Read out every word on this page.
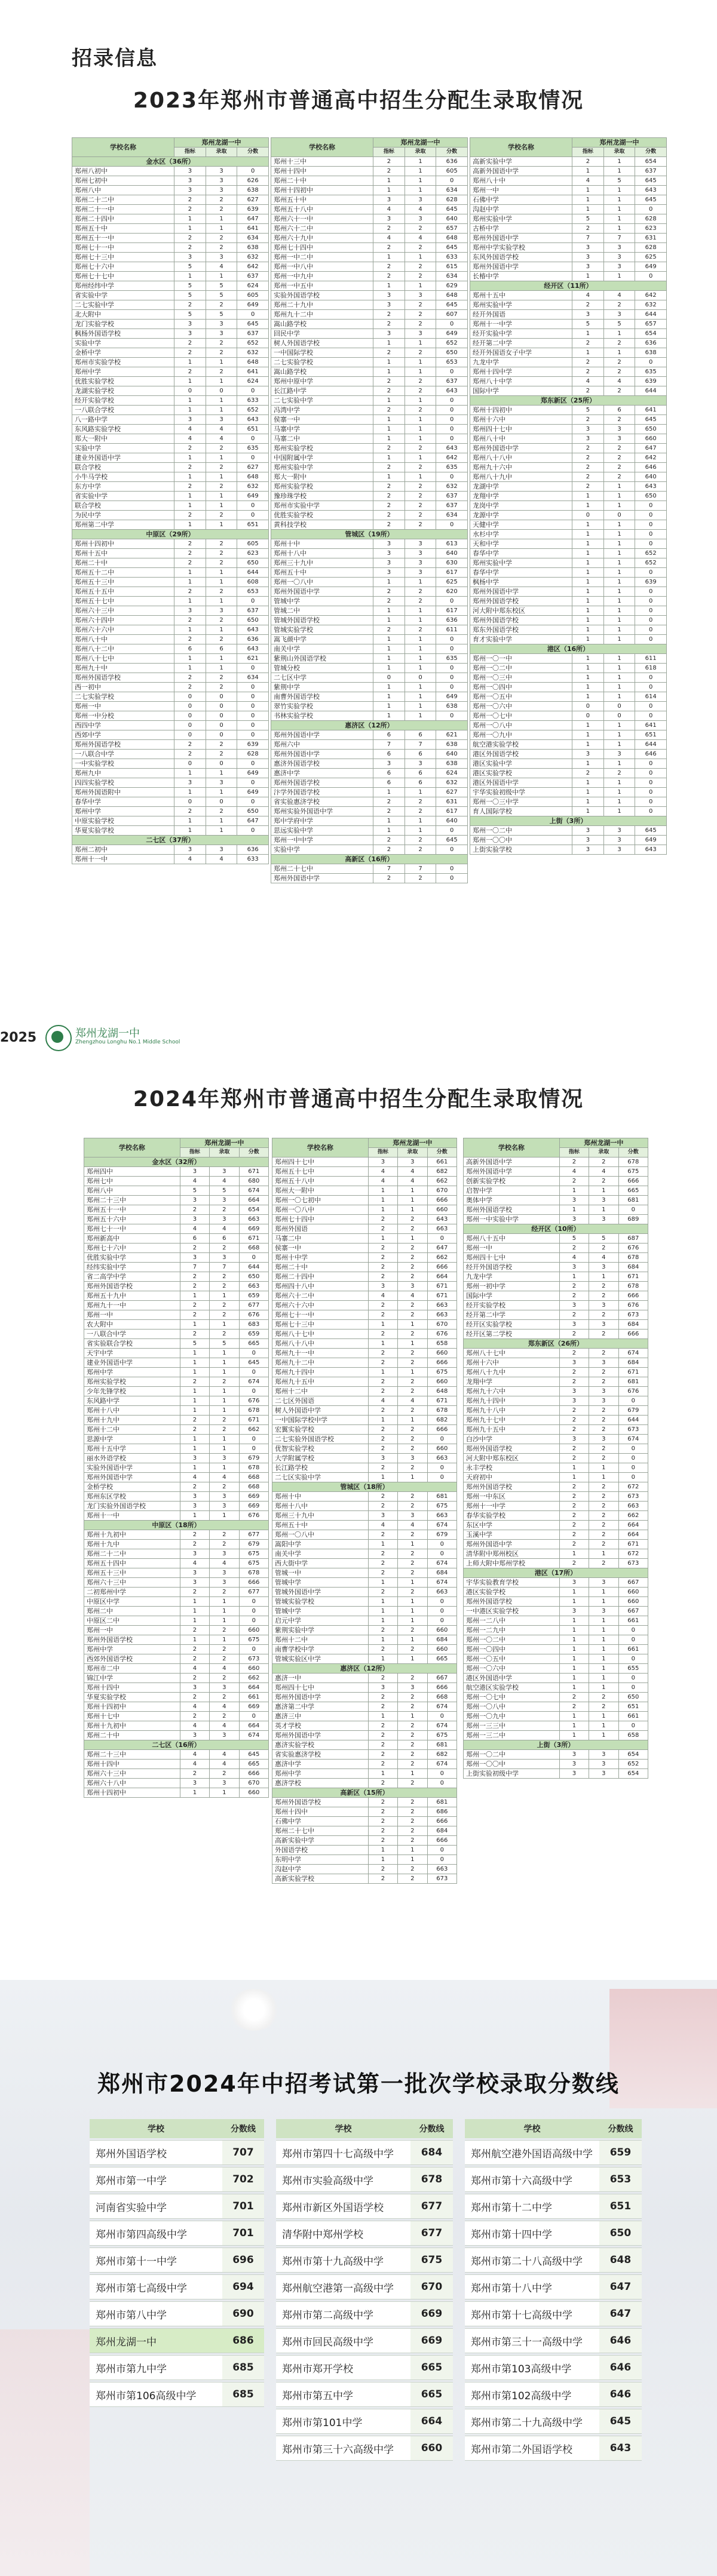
招录信息
2023年郑州市普通高中招生分配生录取情况
学校名称	郑州龙湖一中		
	指标	录取	分数
金水区（36所）			
郑州八初中	3	3	0
郑州七初中	3	3	626
郑州八中	3	3	638
郑州二十二中	2	2	627
郑州二十一中	2	2	639
郑州二十四中	1	1	647
郑州五十中	1	1	641
郑州五十一中	2	2	634
郑州七十一中	2	2	638
郑州七十三中	3	3	632
郑州七十六中	5	4	642
郑州七十七中	1	1	637
郑州经纬中学	5	5	624
省实验中学	5	5	605
二七实验中学	2	2	649
北大附中	5	5	0
龙门实验学校	3	3	645
枫杨外国语学校	3	3	637
实验中学	2	2	652
金桥中学	2	2	632
郑州市实验学校	1	1	648
郑州中学	2	2	641
优胜实验学校	1	1	624
龙湖实验学校	0	0	0
经开实验学校	1	1	633
一八联合学校	1	1	652
八一路中学	3	3	643
东风路实验学校	4	4	651
郑大一附中	4	4	0
实验中学	2	2	635
建业外国语中学	1	1	0
联合学校	2	2	627
小牛马学校	1	1	648
东方中学	2	2	632
省实验中学	1	1	649
联合学校	1	1	0
为民中学	2	2	0
郑州第二中学	1	1	651
中原区（29所）			
郑州十四初中	2	2	605
郑州十五中	2	2	623
郑州二十中	2	2	650
郑州五十二中	1	1	644
郑州五十三中	1	1	608
郑州五十五中	2	2	653
郑州五十七中	1	1	0
郑州六十三中	3	3	637
郑州六十四中	2	2	650
郑州六十六中	1	1	643
郑州八十中	2	2	636
郑州八十二中	6	6	643
郑州八十七中	1	1	621
郑州九十中	1	1	0
郑州外国语学校	2	2	634
西一初中	2	2	0
二七实验学校	0	0	0
郑州一中	0	0	0
郑州一中分校	0	0	0
西四中学	0	0	0
西郊中学	0	0	0
郑州外国语学校	2	2	639
一八联合中学	2	2	628
一中实验学校	0	0	0
郑州九中	1	1	649
四四实验学校	3	3	0
郑州外国语附中	1	1	649
春华中学	0	0	0
郑州中学	2	2	650
中原实验学校	1	1	647
华夏实验学校	1	1	0
二七区（37所）			
郑州二初中	3	3	636
郑州十一中	4	4	633
学校名称	郑州龙湖一中		
	指标	录取	分数
郑州十三中	2	1	636
郑州十四中	2	1	605
郑州二十中	1	1	0
郑州十四初中	1	1	634
郑州五十中	3	3	628
郑州五十八中	4	4	645
郑州六十一中	3	3	640
郑州六十二中	2	2	657
郑州六十九中	4	4	648
郑州七十四中	2	2	645
郑州一中二中	1	1	633
郑州一中八中	2	2	615
郑州一中九中	2	2	634
郑州一中五中	1	1	629
实验外国语学校	3	3	648
郑州二十九中	3	2	645
郑州九十二中	2	2	607
嵩山路学校	2	2	0
回民中学	3	3	649
树人外国语学校	1	1	652
一中国际学校	2	2	650
二七实验学校	1	1	653
嵩山路学校	1	1	0
郑州中原中学	2	2	637
长江路中学	2	2	643
二七实验中学	1	1	0
冯湾中学	2	2	0
侯寨一中	1	1	0
马寨中学	1	1	0
马寨二中	1	1	0
郑州实验学校	2	2	643
中国附属中学	1	1	642
郑州实验中学	2	2	635
郑大一附中	1	1	0
郑州实验学校	2	2	632
豫珍珠学校	2	2	637
郑州市实验中学	2	2	637
优胜实验学校	2	2	634
黄科技学校	2	2	0
管城区（19所）			
郑州十中	3	3	613
郑州十八中	3	3	640
郑州三十九中	3	3	630
郑州五十中	3	3	617
郑州一〇八中	1	1	625
郑州外国语中学	2	2	620
管城中学	2	2	0
管城二中	1	1	617
管城外国语学校	1	1	636
管城实验学校	2	2	611
嵩飞颜中学	1	1	0
南关中学	1	1	0
紫荆山外国语学校	1	1	635
管城分校	1	1	0
二七区中学	0	0	0
紫荆中学	1	1	0
南曹外国语学校	1	1	649
翠竹实验学校	1	1	638
书林实验学校	1	1	0
惠济区（12所）			
郑州外国语中学	6	6	621
郑州六中	7	7	638
郑州外国语中学	6	6	640
惠济外国语学校	3	3	638
惠济中学	6	6	624
郑州外国语学校	6	6	632
汴学外国语学校	1	1	627
省实验惠济学校	2	2	631
郑州实验外国语中学	2	2	617
郑中学府中学	1	1	640
思远实验中学	1	1	0
郑州一中中学	2	2	645
实验中学	2	2	0
高新区（16所）			
郑州二十七中	7	7	0
郑州外国语中学	2	2	0
学校名称	郑州龙湖一中		
	指标	录取	分数
高新实验中学	2	1	654
高新外国语中学	1	1	637
郑州八十中	4	5	645
郑州一中	1	1	643
石佛中学	1	1	645
沟赵中学	1	1	0
郑州实验中学	5	1	628
古桥中学	2	1	623
郑州外国语中学	7	7	631
郑州中学实验学校	3	3	628
东风外国语学校	3	3	625
郑州外国语中学	3	3	649
长椿中学	1	1	0
经开区（11所）			
郑州十五中	4	4	642
郑州实验中学	2	2	632
经开外国语	3	3	644
郑州十一中学	5	5	657
经开实验中学	1	1	654
经开第二中学	2	2	636
经开外国语女子中学	1	1	638
九龙中学	2	2	0
郑州十四中学	2	2	635
郑州八十中学	4	4	639
国际中学	2	2	644
郑东新区（25所）			
郑州十四初中	5	6	641
郑州十六中	2	2	645
郑州四十七中	3	3	650
郑州八十中	3	3	660
郑州外国语中学	2	2	647
郑州八十八中	2	2	642
郑州九十六中	2	2	646
郑州八十九中	2	2	640
龙湖中学	2	1	643
龙翔中学	1	1	650
龙岗中学	1	1	0
龙源中学	0	0	0
天健中学	1	1	0
水杉中学	1	1	0
天和中学	1	1	0
春华中学	1	1	652
郑州实验中学	1	1	652
春华中学	1	1	0
枫杨中学	1	1	639
郑州外国语中学	1	1	0
郑州外国语学校	1	1	0
河大附中郑东校区	1	1	0
郑州外国语学校	1	1	0
郑东外国语学校	1	1	0
育才实验中学	1	1	0
港区（16所）			
郑州一〇一中	1	1	611
郑州一〇二中	1	1	618
郑州一〇三中	1	1	0
郑州一〇四中	1	1	0
郑州一〇五中	1	1	614
郑州一〇六中	0	0	0
郑州一〇七中	0	0	0
郑州一〇八中	1	1	641
郑州一〇九中	1	1	651
航空港实验学校	1	1	644
港区外国语学校	3	3	646
港区实验中学	1	1	0
港区实验学校	2	2	0
港区外国语中学	1	1	0
宇华实验初级中学	1	1	0
郑州一〇三中学	1	1	0
育人国际学校	1	1	0
上街（3所）			
郑州一〇二中	3	3	645
郑州一〇〇中	3	3	649
上街实验学校	3	3	643
2025	郑州龙湖一中
Zhengzhou Longhu No.1 Middle School
2024年郑州市普通高中招生分配生录取情况
学校名称	郑州龙湖一中		
	指标	录取	分数
金水区（32所）			
郑州四中	3	3	671
郑州七中	4	4	680
郑州八中	5	5	674
郑州二十三中	3	3	664
郑州五十一中	2	2	654
郑州五十六中	3	3	663
郑州七十一中	4	4	669
郑州新高中	6	6	671
郑州七十六中	2	2	668
优胜实验中学	3	3	0
经纬实验中学	7	7	644
省二高学中学	2	2	650
郑州外国语学校	2	2	663
郑州五十九中	1	1	659
郑州九十一中	2	2	677
郑州一中	2	2	676
农大附中	1	1	683
一八联合中学	2	2	659
省实验联合学校	5	5	665
天宇中学	1	1	0
建业外国语中学	1	1	645
郑州中学	1	1	0
郑州实验学校	2	2	674
少年先锋学校	1	1	0
东风路中学	1	1	676
郑州十八中	1	1	678
郑州十九中	2	2	671
郑州十二中	2	2	662
思源中学	1	1	0
郑州十五中学	1	1	0
丽水外语学校	3	3	679
实验外国语中学	1	1	678
郑州外国语中学	4	4	668
金桥学校	2	2	668
郑州东区学校	3	3	669
龙门实验外国语学校	3	3	669
郑州十一中	1	1	676
中原区（18所）			
郑州十九初中	2	2	677
郑州十九中	2	2	679
郑州二十二中	3	3	675
郑州五十四中	4	4	675
郑州五十三中	3	3	678
郑州六十三中	3	3	666
二初郑州中学	2	2	677
中原区中学	1	1	0
郑州二中	1	1	0
中原区二中	1	1	0
郑州一中	2	2	660
郑州外国语学校	1	1	675
郑州中学	2	2	0
西郊外国语学校	2	2	673
郑州市二中	4	4	660
锦江中学	2	2	662
郑州十四中	3	3	664
华夏实验学校	2	2	661
郑州十四初中	4	4	669
郑州十七中	2	2	0
郑州十九初中	4	4	664
郑州二十中	3	3	674
二七区（16所）			
郑州二十三中	4	4	645
郑州十四中	4	4	665
郑州六十三中	2	2	666
郑州六十八中	3	3	670
郑州十四初中	1	1	660
学校名称	郑州龙湖一中		
	指标	录取	分数
郑州四十七中	3	3	661
郑州五十七中	4	4	682
郑州五十八中	4	4	662
郑州大一附中	1	1	670
郑州一〇七初中	1	1	666
郑州一〇八中	1	1	660
郑州七十四中	2	2	643
郑州外国语	2	2	663
马寨二中	1	1	0
侯寨一中	2	2	647
郑州十中学	2	2	662
郑州二十中	2	2	666
郑州二十四中	2	2	664
郑州四十八中	3	3	671
郑州六十二中	4	4	671
郑州六十六中	2	2	663
郑州七十一中	2	2	663
郑州七十三中	1	1	670
郑州八十七中	2	2	676
郑州八十八中	1	1	658
郑州九十一中	2	2	660
郑州九十二中	2	2	666
郑州九十四中	1	1	675
郑州九十五中	2	2	660
郑州十二中	2	2	648
二七区外国语	4	4	671
树人外国语中学	2	2	678
一中国际学校中学	1	1	682
宏翼实验学校	2	2	666
二七实验外国语学校	2	2	0
优智实验学校	2	2	660
大学附属学校	3	3	663
长江路学校	2	2	0
二七区实验中学	1	1	0
管城区（18所）			
郑州十中	2	2	681
郑州十八中	2	2	675
郑州三十九中	3	3	663
郑州五十中	4	4	674
郑州一〇八中	2	2	679
嵩阳中学	1	1	0
南关中学	2	2	0
西大街中学	2	2	674
管城一中	2	2	684
管城中学	1	1	674
管城外国语中学	2	2	663
管城实验学校	1	1	0
管城中学	1	1	0
启元中学	1	1	0
紫荆实验中学	2	2	660
郑州十二中	1	1	684
南曹学校中学	2	2	660
管城实验区中学	1	1	665
惠济区（12所）			
惠济一中	2	2	667
郑州四十七中	3	3	666
郑州外国语中学	2	2	668
惠济第二中学	2	2	674
惠济三中	1	1	0
英才学校	2	2	674
郑州外国语中学	2	2	675
惠济实验学校	2	2	681
省实验惠济学校	2	2	682
惠济中学	2	2	674
郑州中学	1	1	0
惠济学校	2	2	0
高新区（15所）			
郑州外国语学校	2	2	681
郑州十四中	2	2	686
石佛中学	2	2	666
郑州二十七中	2	2	684
高新实验中学	2	2	666
外国语学校	1	1	0
东明中学	1	1	0
沟赵中学	2	2	663
高新实验学校	2	2	673
学校名称	郑州龙湖一中		
	指标	录取	分数
高新外国语中学	2	2	678
郑州外国语中学	4	4	675
创新实验学校	2	2	666
启智中学	1	1	665
奥体中学	3	3	681
郑州外国语学校	1	1	0
郑州一中实验中学	3	3	689
经开区（10所）			
郑州八十五中	5	5	687
郑州一中	2	2	676
郑州四十七中	4	4	678
经开外国语学校	3	3	684
九龙中学	1	1	671
郑州一初中学	2	2	678
国际中学	2	2	666
经开实验学校	3	3	676
经开第二中学	2	2	673
经开区实验学校	3	3	684
经开区第二学校	2	2	666
郑东新区（26所）			
郑州八十七中	2	2	674
郑州十六中	3	3	684
郑州八十九中	2	2	671
龙翔中学	2	2	681
郑州九十六中	3	3	676
郑州九十四中	3	3	0
郑州九十八中	2	2	679
郑州九十七中	2	2	644
郑州九十五中	2	2	673
白沙中学	3	3	674
郑州外国语学校	2	2	0
河大附中郑东校区	2	2	0
永丰学校	1	1	0
天府初中	1	1	0
郑州外国语学校	2	2	672
郑州一中东区	2	2	673
郑州十一中学	2	2	663
春华实验学校	2	2	662
东区中学	2	2	664
玉溪中学	2	2	664
郑州外国语中学	2	2	671
清华附中郑州校区	1	1	672
上师大附中郑州学校	2	2	673
港区（17所）			
宇华实验教育学校	3	3	667
港区实验学校	1	1	660
郑州外国语学校	1	1	660
一中港区实验学校	3	3	667
郑州一二八中	1	1	661
郑州一二九中	1	1	0
郑州一〇二中	1	1	0
郑州一〇四中	1	1	661
郑州一〇五中	1	1	0
郑州一〇六中	1	1	655
港区外国语中学	1	1	0
航空港区实验学校	1	1	0
郑州一〇七中	2	2	650
郑州一〇八中	2	2	651
郑州一〇九中	1	1	661
郑州一三三中	1	1	0
郑州一三二中	1	1	658
上街（3所）			
郑州一〇二中	3	3	654
郑州一〇〇中	3	3	652
上街实验初级中学	3	3	654
郑州市2024年中招考试第一批次学校录取分数线
学校	分数线
郑州外国语学校	707
郑州市第一中学	702
河南省实验中学	701
郑州市第四高级中学	701
郑州市第十一中学	696
郑州市第七高级中学	694
郑州市第八中学	690
郑州龙湖一中	686
郑州市第九中学	685
郑州市第106高级中学	685
学校	分数线
郑州市第四十七高级中学	684
郑州市实验高级中学	678
郑州市新区外国语学校	677
清华附中郑州学校	677
郑州市第十九高级中学	675
郑州航空港第一高级中学	670
郑州市第二高级中学	669
郑州市回民高级中学	669
郑州市郑开学校	665
郑州市第五中学	665
郑州市第101中学	664
郑州市第三十六高级中学	660
学校	分数线
郑州航空港外国语高级中学	659
郑州市第十六高级中学	653
郑州市第十二中学	651
郑州市第十四中学	650
郑州市第二十八高级中学	648
郑州市第十八中学	647
郑州市第十七高级中学	647
郑州市第三十一高级中学	646
郑州市第103高级中学	646
郑州市第102高级中学	646
郑州市第二十九高级中学	645
郑州市第二外国语学校	643
